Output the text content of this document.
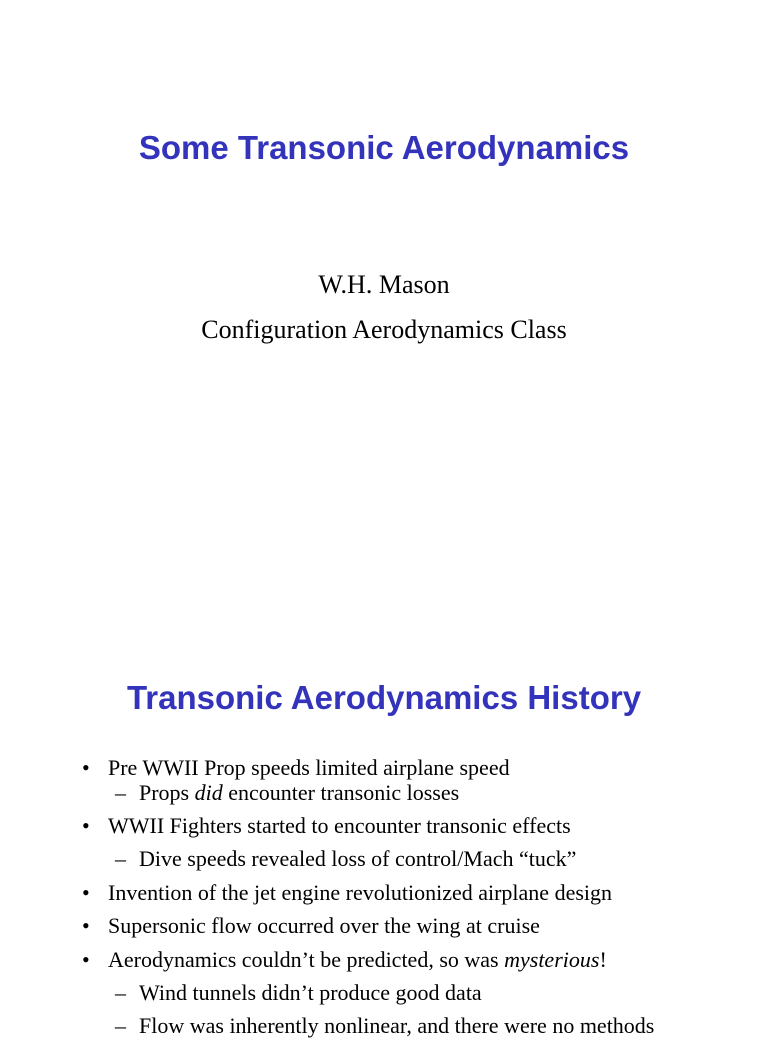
Some Transonic Aerodynamics
W.H. Mason
Configuration Aerodynamics Class
Transonic Aerodynamics History
• Pre WWII Prop speeds limited airplane speed
– Props did encounter transonic losses
• WWII Fighters started to encounter transonic effects
– Dive speeds revealed loss of control/Mach “tuck”
• Invention of the jet engine revolutionized airplane design
• Supersonic flow occurred over the wing at cruise
• Aerodynamics couldn’t be predicted, so was mysterious!
– Wind tunnels didn’t produce good data
– Flow was inherently nonlinear, and there were no methods
